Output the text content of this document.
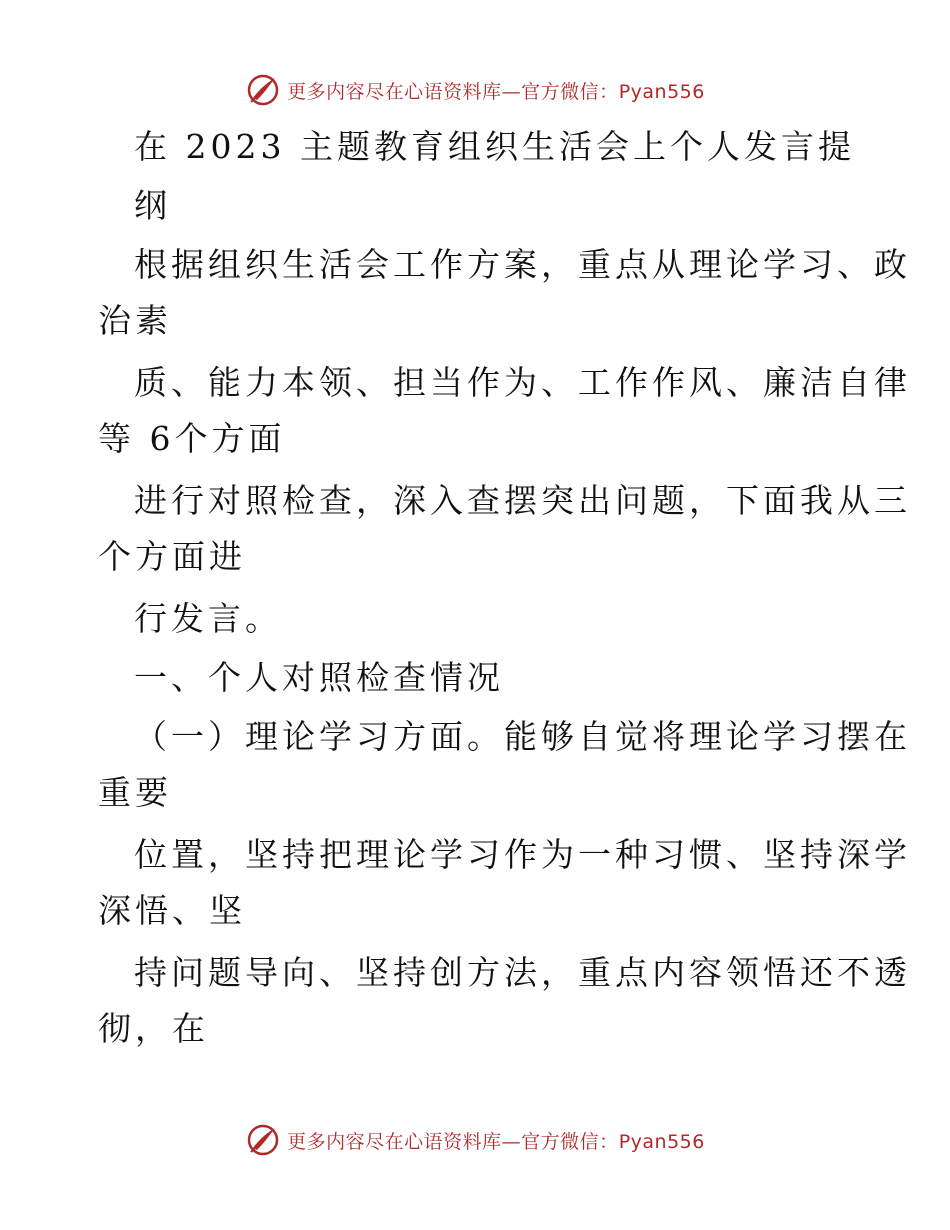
更多内容尽在心语资料库—官方微信：Pyan556
在 2023 主题教育组织生活会上个人发言提
纲
根据组织生活会工作方案，重点从理论学习、政
治素
质、能力本领、担当作为、工作作风、廉洁自律
等 6个方面
进行对照检查，深入查摆突出问题，下面我从三
个方面进
行发言。
一、个人对照检查情况
（一）理论学习方面。能够自觉将理论学习摆在
重要
位置，坚持把理论学习作为一种习惯、坚持深学
深悟、坚
持问题导向、坚持创方法，重点内容领悟还不透
彻，在
更多内容尽在心语资料库—官方微信：Pyan556
